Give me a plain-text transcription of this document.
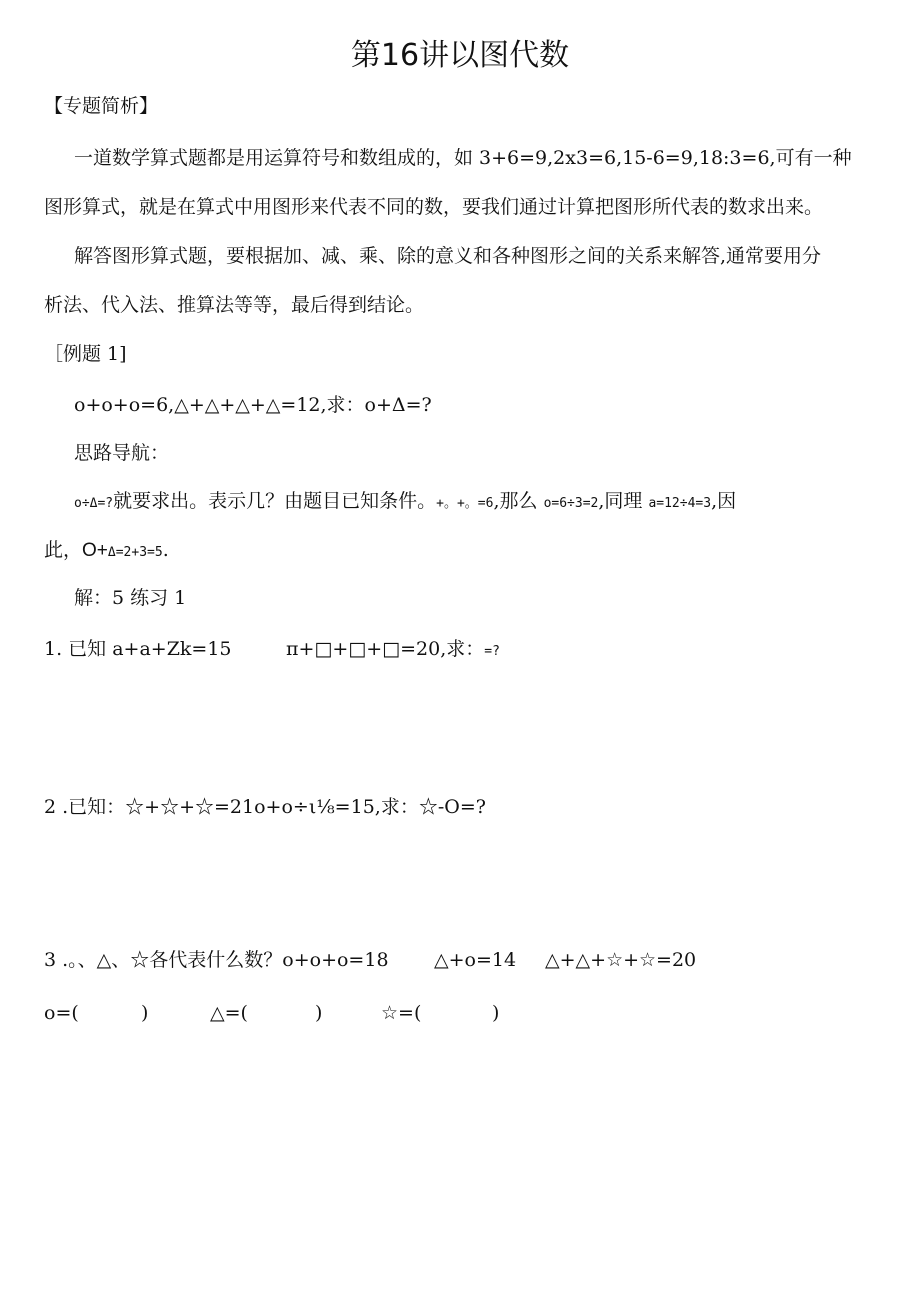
第16讲以图代数
【专题简析】
一道数学算式题都是用运算符号和数组成的，如 3+6=9,2x3=6,15-6=9,18:3=6,可有一种
图形算式，就是在算式中用图形来代表不同的数，要我们通过计算把图形所代表的数求出来。
解答图形算式题，要根据加、减、乘、除的意义和各种图形之间的关系来解答,通常要用分
析法、代入法、推算法等等，最后得到结论。
［例题 1]
o+o+o=6,△+△+△+△=12,求：o+Δ=?
思路导航：
o÷Δ=?就要求出。表示几？由题目已知条件。+。+。=6,那么 o=6÷3=2,同理 a=12÷4=3,因
此，O+Δ=2+3=5.
解：5 练习 1
1. 已知 a+a+Zk=15	π+□+□+□=20,求：=?
2 .已知：☆+☆+☆=21o+o÷ι⅛=15,求：☆-O=?
3 .。、△、☆各代表什么数？o+o+o=18 △+o=14 △+△+☆+☆=20
o=(	)	△=(	)	☆=(	)
